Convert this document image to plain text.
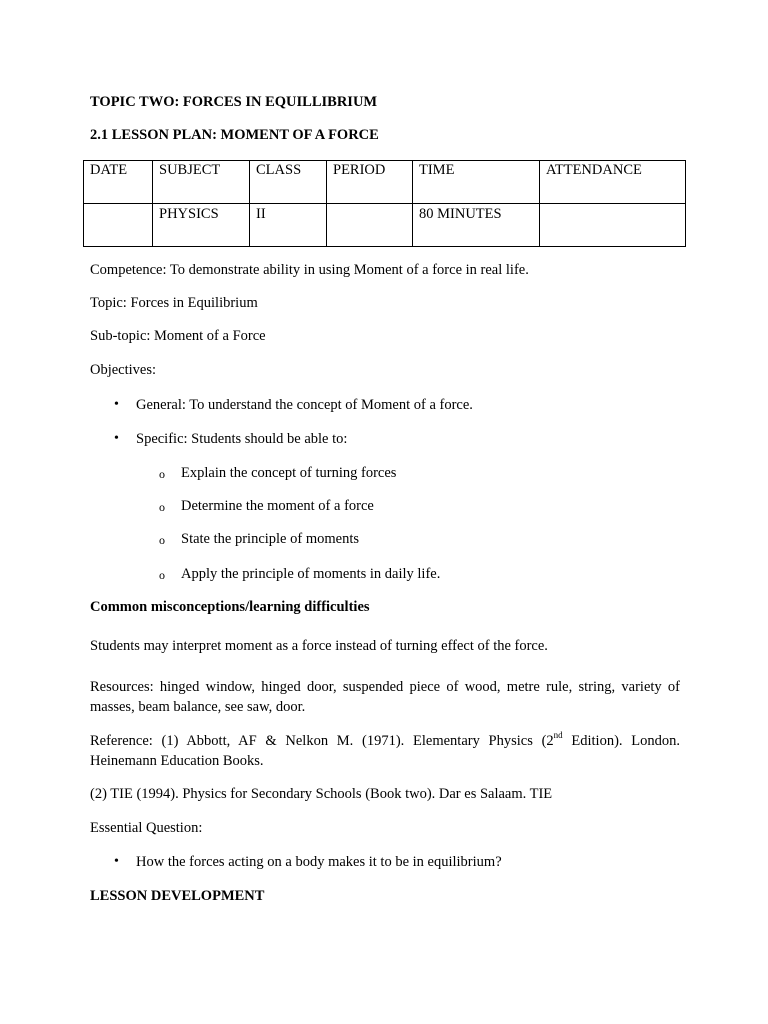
TOPIC TWO: FORCES IN EQUILLIBRIUM
2.1 LESSON PLAN: MOMENT OF A FORCE
DATE	SUBJECT	CLASS	PERIOD	TIME	ATTENDANCE
	PHYSICS	II		80 MINUTES	
Competence: To demonstrate ability in using Moment of a force in real life.
Topic: Forces in Equilibrium
Sub-topic: Moment of a Force
Objectives:
• General: To understand the concept of Moment of a force.
• Specific: Students should be able to:
o Explain the concept of turning forces
o Determine the moment of a force
o State the principle of moments
o Apply the principle of moments in daily life.
Common misconceptions/learning difficulties
Students may interpret moment as a force instead of turning effect of the force.
Resources: hinged window, hinged door, suspended piece of wood, metre rule, string, variety of
masses, beam balance, see saw, door.
Reference: (1) Abbott, AF & Nelkon M. (1971). Elementary Physics (2nd Edition). London.
Heinemann Education Books.
(2) TIE (1994). Physics for Secondary Schools (Book two). Dar es Salaam. TIE
Essential Question:
• How the forces acting on a body makes it to be in equilibrium?
LESSON DEVELOPMENT
